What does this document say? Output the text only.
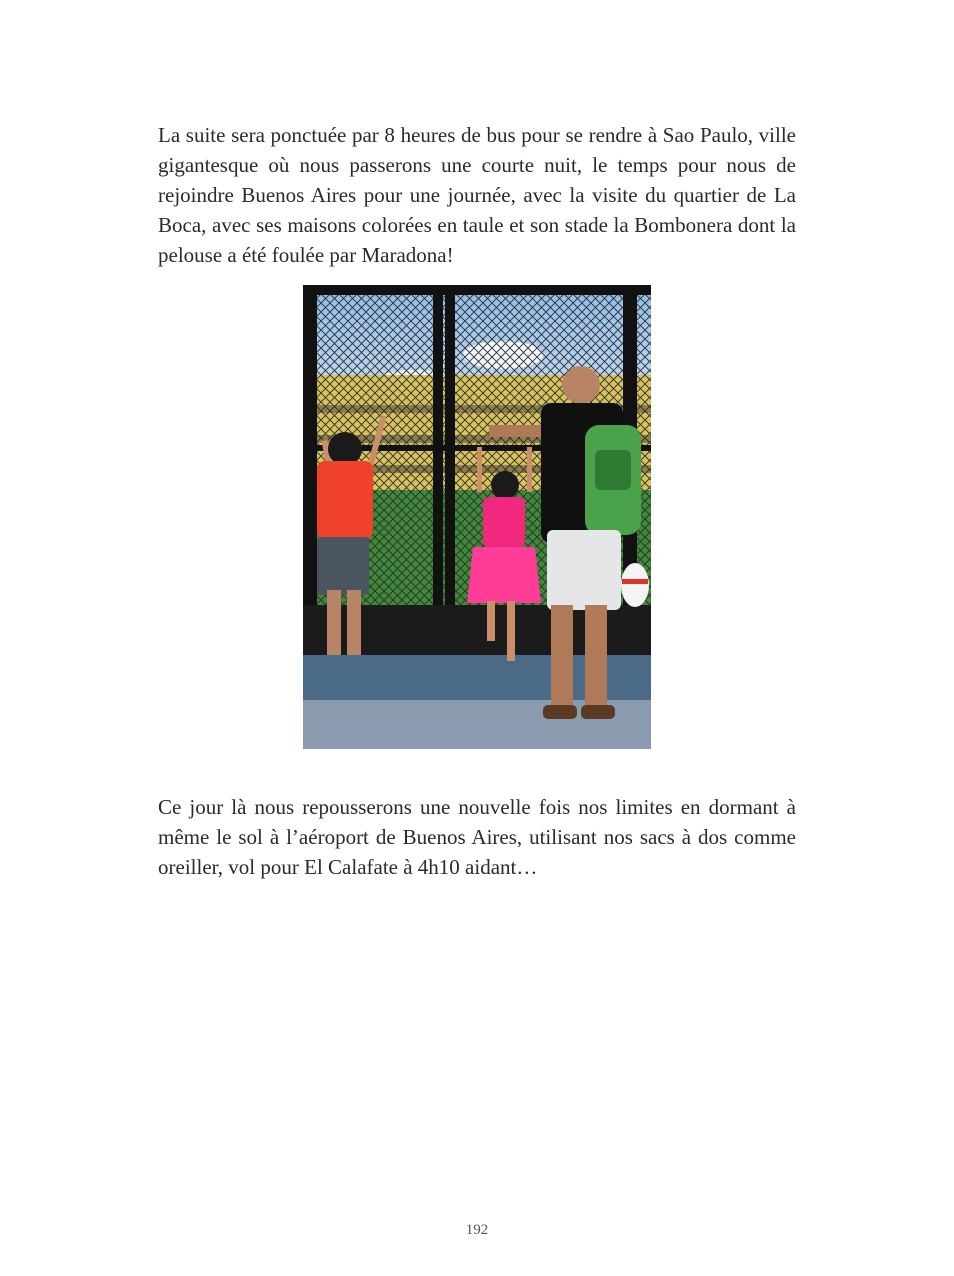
La suite sera ponctuée par 8 heures de bus pour se rendre à Sao Paulo, ville gigantesque où nous passerons une courte nuit, le temps pour nous de rejoindre Buenos Aires pour une journée, avec la visite du quartier de La Boca, avec ses maisons colorées en taule et son stade la Bombonera dont la pelouse a été foulée par Maradona!

Ce jour là nous repousserons une nouvelle fois nos limites en dormant à même le sol à l’aéroport de Buenos Aires, utilisant nos sacs à dos comme oreiller, vol pour El Calafate à 4h10 aidant…

192
